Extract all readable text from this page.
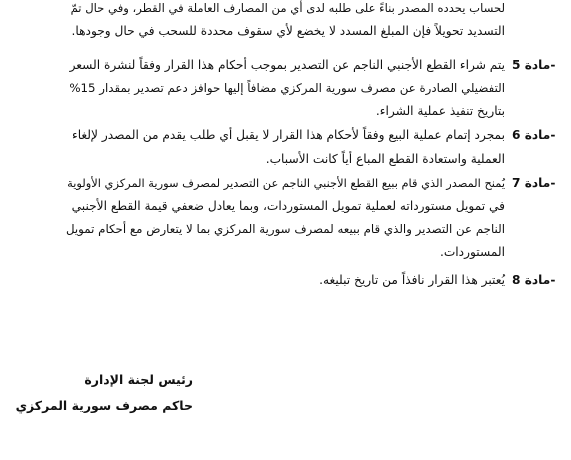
لحساب يحدده المصدر بناءً على طلبه لدى أي من المصارف العاملة في القطر، وفي حال تمّ
التسديد تحويلاً فإن المبلغ المسدد لا يخضع لأي سقوف محددة للسحب في حال وجودها.
مادة 5-
يتم شراء القطع الأجنبي الناجم عن التصدير بموجب أحكام هذا القرار وفقاً لنشرة السعر
التفضيلي الصادرة عن مصرف سورية المركزي مضافاً إليها حوافز دعم تصدير بمقدار 15%
بتاريخ تنفيذ عملية الشراء.
مادة 6-
بمجرد إتمام عملية البيع وفقاً لأحكام هذا القرار لا يقبل أي طلب يقدم من المصدر لإلغاء
العملية واستعادة القطع المباع أياً كانت الأسباب.
مادة 7-
يُمنح المصدر الذي قام ببيع القطع الأجنبي الناجم عن التصدير لمصرف سورية المركزي الأولوية
في تمويل مستورداته لعملية تمويل المستوردات، وبما يعادل ضعفي قيمة القطع الأجنبي
الناجم عن التصدير والذي قام ببيعه لمصرف سورية المركزي بما لا يتعارض مع أحكام تمويل
المستوردات.
مادة 8-
يُعتبر هذا القرار نافذاً من تاريخ تبليغه.
رئيس لجنة الإدارة
حاكم مصرف سورية المركزي
